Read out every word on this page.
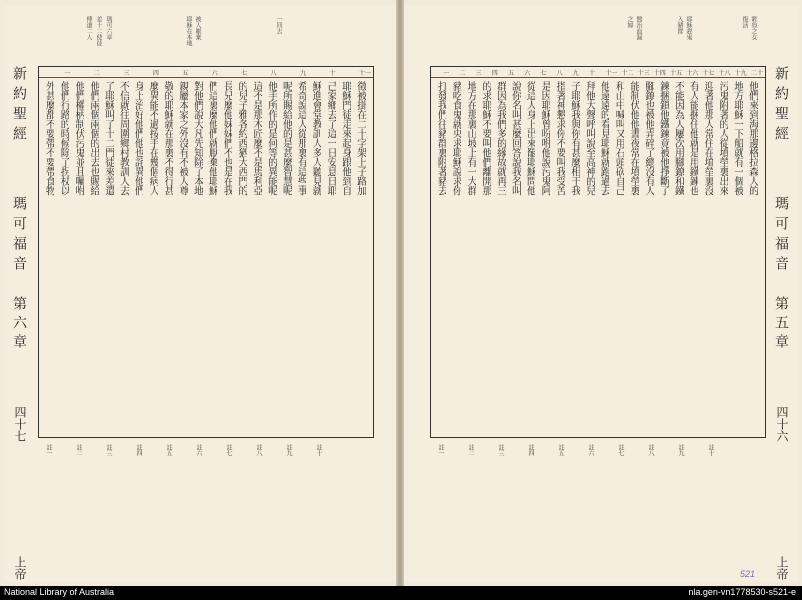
新約聖經
瑪可福音
第六章
四十七
上帝
瑪可六章	耶穌在本地 被人厭棄
差十二使徒
傳道二人	一同去
十一
十
九
八
七
六
五
四
三
二
一
徵被掛在二十字架上子路加
耶穌門徒走來起身跟他到自
己家鄉去了這一日安息日耶
穌進會堂教訓人多人聽見就
希奇說這人從那裏有這些事
呢所賜給他的是甚麼智慧呢
他手所作的是何等的異能呢
這不是那木匠麼不是馬利亞
的兒子雅各約西猶大西門的
長兄麼他妹妹們不也是在我
們這裏麼他們就厭棄他耶穌
對他們說大凡先知除了本地
親屬本家之外沒有不被人尊
敬的耶穌就在那裏不得行甚
麼異能不過按手在幾個病人
身上治好他們他也詫異他們
不信就往周圍鄉村教訓人去
了耶穌叫了十二門徒來差遣
他們兩個兩個的出去也賜給
他們權柄制伏污鬼並且囑咐
他們行路的時候除了拐杖以
外甚麼都不要帶不要帶食物
註一	註二	註三	註四	註五	註六	註七	註八	註九	註十
新約聖經
瑪可福音
第五章
四十六
上帝
耶穌趕鬼
入豬群
醫治血漏
之婦	睚魯之女
復活
二十
十九
十八
十七
十六
十五
十四
十三
十二
十一
十
九
八
七
六
五
四
三
二
一
他們來到海那邊格拉森人的
地方耶穌一下船就有一個被
污鬼附著的人從墳塋裏出來
迎著他那人常住在墳塋裏沒
有人能捆住他就是用鐵鍊也
不能因為人屢次用腳鐐和鐵
鍊捆鎖他鐵鍊竟被他掙斷了
腳鐐也被他弄碎了總沒有人
能制伏他他晝夜常在墳塋裏
和山中喊叫又用石頭砍自己
他遠遠的看見耶穌就跑過去
拜他大聲呼叫說至高神的兒
子耶穌我與你有甚麼相干我
指著神懇求你不要叫我受苦
是因耶穌曾吩咐他說污鬼阿
從這人身上出來罷耶穌問他
說你名叫甚麼回答說我名叫
群因為我們多的緣故就再三
的求耶穌不要叫他們離開那
地方在那裏山坡上有一大群
豬吃食鬼就央求耶穌說求你
打發我們往豬群裏附著豬去
註一	註二	註三	註四	註五	註六	註七	註八	註九	註十
521
National Library of Australia	nla.gen-vn1778530-s521-e
